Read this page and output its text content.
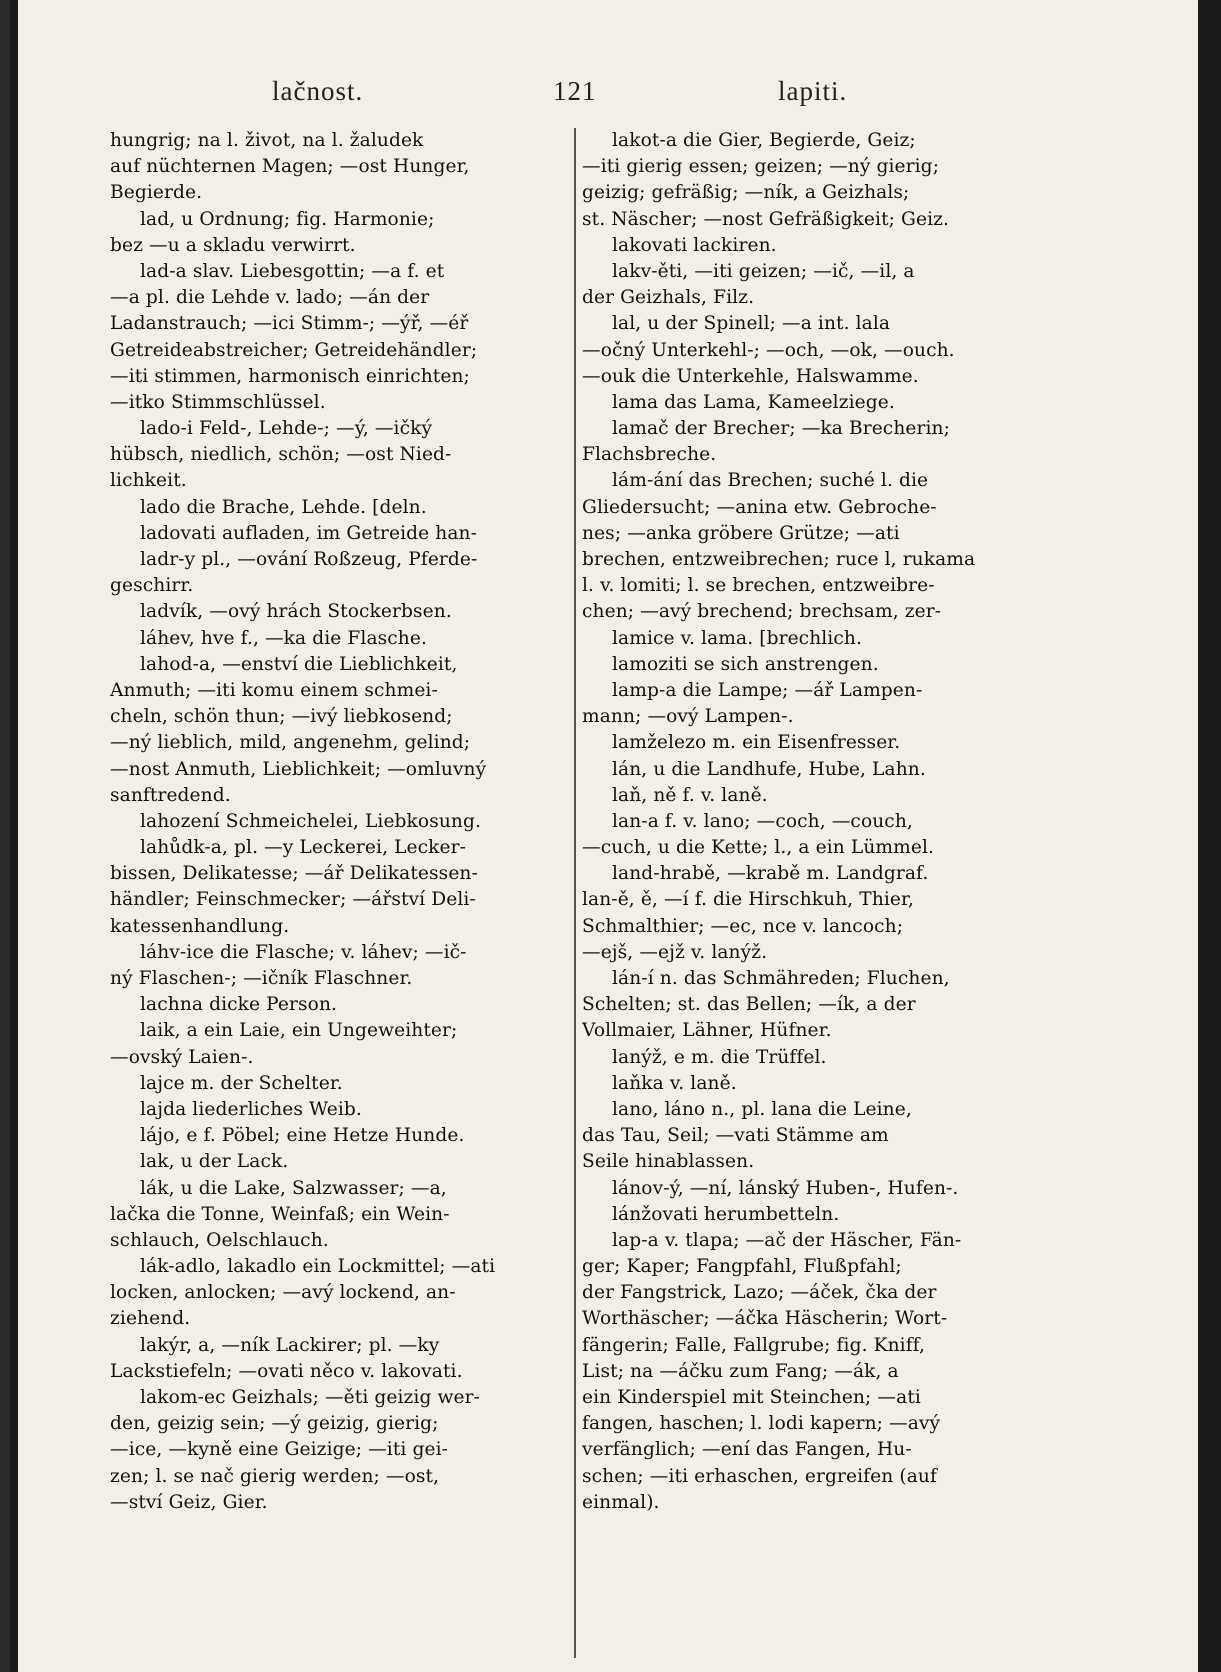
lačnost.	121	lapiti.
hungrig; na l. život, na l. žaludek
auf nüchternen Magen; —ost Hunger,
Begierde.
lad, u Ordnung; fig. Harmonie;
bez —u a skladu verwirrt.
lad-a slav. Liebesgottin; —a f. et
—a pl. die Lehde v. lado; —án der
Ladanstrauch; —ici Stimm-; —ýř, —éř
Getreideabstreicher; Getreidehändler;
—iti stimmen, harmonisch einrichten;
—itko Stimmschlüssel.
lado-i Feld-, Lehde-; —ý, —ičký
hübsch, niedlich, schön; —ost Nied-
lichkeit.
lado die Brache, Lehde. [deln.
ladovati aufladen, im Getreide han-
ladr-y pl., —ování Roßzeug, Pferde-
geschirr.
ladvík, —ový hrách Stockerbsen.
láhev, hve f., —ka die Flasche.
lahod-a, —enství die Lieblichkeit,
Anmuth; —iti komu einem schmei-
cheln, schön thun; —ivý liebkosend;
—ný lieblich, mild, angenehm, gelind;
—nost Anmuth, Lieblichkeit; —omluvný
sanftredend.
lahození Schmeichelei, Liebkosung.
lahůdk-a, pl. —y Leckerei, Lecker-
bissen, Delikatesse; —ář Delikatessen-
händler; Feinschmecker; —ářství Deli-
katessenhandlung.
láhv-ice die Flasche; v. láhev; —ič-
ný Flaschen-; —ičník Flaschner.
lachna dicke Person.
laik, a ein Laie, ein Ungeweihter;
—ovský Laien-.
lajce m. der Schelter.
lajda liederliches Weib.
lájo, e f. Pöbel; eine Hetze Hunde.
lak, u der Lack.
lák, u die Lake, Salzwasser; —a,
lačka die Tonne, Weinfaß; ein Wein-
schlauch, Oelschlauch.
lák-adlo, lakadlo ein Lockmittel; —ati
locken, anlocken; —avý lockend, an-
ziehend.
lakýr, a, —ník Lackirer; pl. —ky
Lackstiefeln; —ovati něco v. lakovati.
lakom-ec Geizhals; —ěti geizig wer-
den, geizig sein; —ý geizig, gierig;
—ice, —kyně eine Geizige; —iti gei-
zen; l. se nač gierig werden; —ost,
—ství Geiz, Gier.
lakot-a die Gier, Begierde, Geiz;
—iti gierig essen; geizen; —ný gierig;
geizig; gefräßig; —ník, a Geizhals;
st. Näscher; —nost Gefräßigkeit; Geiz.
lakovati lackiren.
lakv-ěti, —iti geizen; —ič, —il, a
der Geizhals, Filz.
lal, u der Spinell; —a int. lala
—očný Unterkehl-; —och, —ok, —ouch.
—ouk die Unterkehle, Halswamme.
lama das Lama, Kameelziege.
lamač der Brecher; —ka Brecherin;
Flachsbreche.
lám-ání das Brechen; suché l. die
Gliedersucht; —anina etw. Gebroche-
nes; —anka gröbere Grütze; —ati
brechen, entzweibrechen; ruce l, rukama
l. v. lomiti; l. se brechen, entzweibre-
chen; —avý brechend; brechsam, zer-
lamice v. lama. [brechlich.
lamoziti se sich anstrengen.
lamp-a die Lampe; —ář Lampen-
mann; —ový Lampen-.
lamželezo m. ein Eisenfresser.
lán, u die Landhufe, Hube, Lahn.
laň, ně f. v. laně.
lan-a f. v. lano; —coch, —couch,
—cuch, u die Kette; l., a ein Lümmel.
land-hrabě, —krabě m. Landgraf.
lan-ě, ě, —í f. die Hirschkuh, Thier,
Schmalthier; —ec, nce v. lancoch;
—ejš, —ejž v. lanýž.
lán-í n. das Schmähreden; Fluchen,
Schelten; st. das Bellen; —ík, a der
Vollmaier, Lähner, Hüfner.
lanýž, e m. die Trüffel.
laňka v. laně.
lano, láno n., pl. lana die Leine,
das Tau, Seil; —vati Stämme am
Seile hinablassen.
lánov-ý, —ní, lánský Huben-, Hufen-.
lánžovati herumbetteln.
lap-a v. tlapa; —ač der Häscher, Fän-
ger; Kaper; Fangpfahl, Flußpfahl;
der Fangstrick, Lazo; —áček, čka der
Worthäscher; —áčka Häscherin; Wort-
fängerin; Falle, Fallgrube; fig. Kniff,
List; na —áčku zum Fang; —ák, a
ein Kinderspiel mit Steinchen; —ati
fangen, haschen; l. lodi kapern; —avý
verfänglich; —ení das Fangen, Hu-
schen; —iti erhaschen, ergreifen (auf
einmal).
